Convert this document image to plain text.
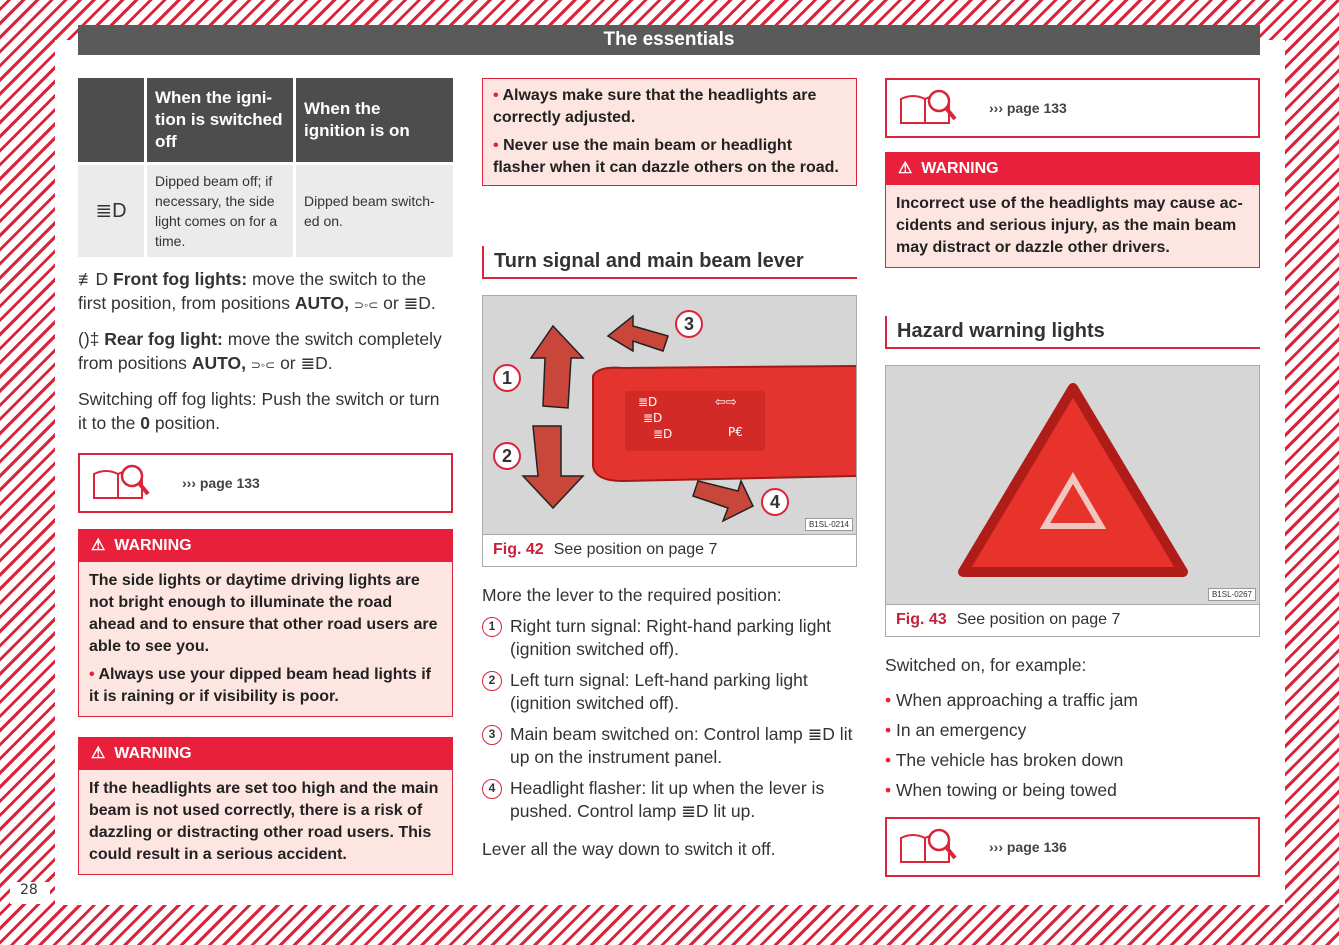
28
The essentials
	When the igni-tion is switched off	When the ignition is on
≣D	Dipped beam off; if necessary, the side light comes on for a time.	Dipped beam switch-ed on.

≢D Front fog lights: move the switch to the first position, from positions AUTO, ⊃◦⊂ or ≣D.

()‡ Rear fog light: move the switch completely from positions AUTO, ⊃◦⊂ or ≣D.

Switching off fog lights: Push the switch or turn it to the 0 position.

››› page 133
⚠ WARNING
The side lights or daytime driving lights are not bright enough to illuminate the road ahead and to ensure that other road users are able to see you.
• Always use your dipped beam head lights if it is raining or if visibility is poor.
⚠ WARNING
If the headlights are set too high and the main beam is not used correctly, there is a risk of dazzling or distracting other road users. This could result in a serious accident.
• Always make sure that the headlights are correctly adjusted.
• Never use the main beam or headlight flasher when it can dazzle others on the road.
Turn signal and main beam lever
≣D
≣D
≣D
⇦⇨
P€
1
2
3
4
B1SL-0214
Fig. 42 See position on page 7

More the lever to the required position:

1 Right turn signal: Right-hand parking light (ignition switched off).
2 Left turn signal: Left-hand parking light (ignition switched off).
3 Main beam switched on: Control lamp ≣D lit up on the instrument panel.
4 Headlight flasher: lit up when the lever is pushed. Control lamp ≣D lit up.

Lever all the way down to switch it off.

››› page 133
⚠ WARNING
Incorrect use of the headlights may cause ac-cidents and serious injury, as the main beam may distract or dazzle other drivers.
Hazard warning lights
B1SL-0267
Fig. 43 See position on page 7

Switched on, for example:

• When approaching a traffic jam
• In an emergency
• The vehicle has broken down
• When towing or being towed
››› page 136
